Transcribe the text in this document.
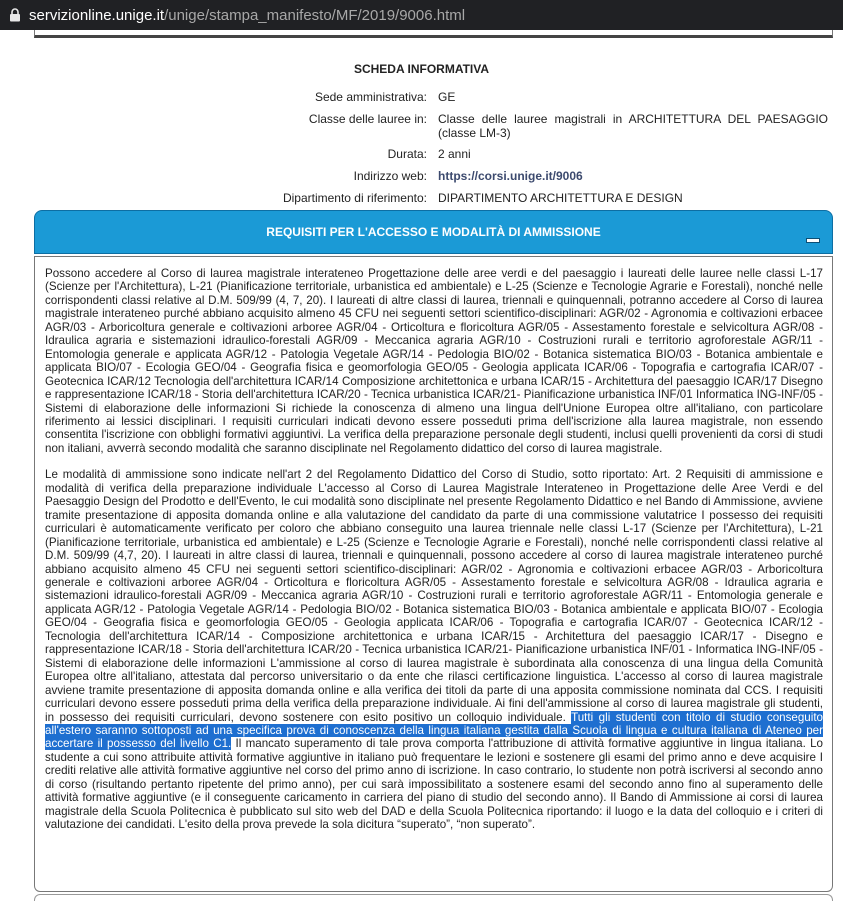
servizionline.unige.it /unige/stampa_manifesto/MF/2019/9006.html
SCHEDA INFORMATIVA
Sede amministrativa: GE
Classe delle lauree in: Classe delle lauree magistrali in ARCHITETTURA DEL PAESAGGIO (classe LM-3)
Durata: 2 anni
Indirizzo web: https://corsi.unige.it/9006
Dipartimento di riferimento: DIPARTIMENTO ARCHITETTURA E DESIGN
REQUISITI PER L'ACCESSO E MODALITÀ DI AMMISSIONE

Possono accedere al Corso di laurea magistrale interateneo Progettazione delle aree verdi e del paesaggio i laureati delle lauree nelle classi L-17 (Scienze per l'Architettura), L-21 (Pianificazione territoriale, urbanistica ed ambientale) e L-25 (Scienze e Tecnologie Agrarie e Forestali), nonché nelle corrispondenti classi relative al D.M. 509/99 (4, 7, 20). I laureati di altre classi di laurea, triennali e quinquennali, potranno accedere al Corso di laurea magistrale interateneo purché abbiano acquisito almeno 45 CFU nei seguenti settori scientifico-disciplinari: AGR/02 - Agronomia e coltivazioni erbacee AGR/03 - Arboricoltura generale e coltivazioni arboree AGR/04 - Orticoltura e floricoltura AGR/05 - Assestamento forestale e selvicoltura AGR/08 - Idraulica agraria e sistemazioni idraulico-forestali AGR/09 - Meccanica agraria AGR/10 - Costruzioni rurali e territorio agroforestale AGR/11 - Entomologia generale e applicata AGR/12 - Patologia Vegetale AGR/14 - Pedologia BIO/02 - Botanica sistematica BIO/03 - Botanica ambientale e applicata BIO/07 - Ecologia GEO/04 - Geografia fisica e geomorfologia GEO/05 - Geologia applicata ICAR/06 - Topografia e cartografia ICAR/07 - Geotecnica ICAR/12 Tecnologia dell'architettura ICAR/14 Composizione architettonica e urbana ICAR/15 - Architettura del paesaggio ICAR/17 Disegno e rappresentazione ICAR/18 - Storia dell'architettura ICAR/20 - Tecnica urbanistica ICAR/21- Pianificazione urbanistica INF/01 Informatica ING-INF/05 - Sistemi di elaborazione delle informazioni Si richiede la conoscenza di almeno una lingua dell'Unione Europea oltre all'italiano, con particolare riferimento ai lessici disciplinari. I requisiti curriculari indicati devono essere posseduti prima dell'iscrizione alla laurea magistrale, non essendo consentita l'iscrizione con obblighi formativi aggiuntivi. La verifica della preparazione personale degli studenti, inclusi quelli provenienti da corsi di studi non italiani, avverrà secondo modalità che saranno disciplinate nel Regolamento didattico del corso di laurea magistrale.

Le modalità di ammissione sono indicate nell'art 2 del Regolamento Didattico del Corso di Studio, sotto riportato: Art. 2 Requisiti di ammissione e modalità di verifica della preparazione individuale L'accesso al Corso di Laurea Magistrale Interateneo in Progettazione delle Aree Verdi e del Paesaggio Design del Prodotto e dell'Evento, le cui modalità sono disciplinate nel presente Regolamento Didattico e nel Bando di Ammissione, avviene tramite presentazione di apposita domanda online e alla valutazione del candidato da parte di una commissione valutatrice I possesso dei requisiti curriculari è automaticamente verificato per coloro che abbiano conseguito una laurea triennale nelle classi L-17 (Scienze per l'Architettura), L-21 (Pianificazione territoriale, urbanistica ed ambientale) e L-25 (Scienze e Tecnologie Agrarie e Forestali), nonché nelle corrispondenti classi relative al D.M. 509/99 (4,7, 20). I laureati in altre classi di laurea, triennali e quinquennali, possono accedere al corso di laurea magistrale interateneo purché abbiano acquisito almeno 45 CFU nei seguenti settori scientifico-disciplinari: AGR/02 - Agronomia e coltivazioni erbacee AGR/03 - Arboricoltura generale e coltivazioni arboree AGR/04 - Orticoltura e floricoltura AGR/05 - Assestamento forestale e selvicoltura AGR/08 - Idraulica agraria e sistemazioni idraulico-forestali AGR/09 - Meccanica agraria AGR/10 - Costruzioni rurali e territorio agroforestale AGR/11 - Entomologia generale e applicata AGR/12 - Patologia Vegetale AGR/14 - Pedologia BIO/02 - Botanica sistematica BIO/03 - Botanica ambientale e applicata BIO/07 - Ecologia GEO/04 - Geografia fisica e geomorfologia GEO/05 - Geologia applicata ICAR/06 - Topografia e cartografia ICAR/07 - Geotecnica ICAR/12 - Tecnologia dell'architettura ICAR/14 - Composizione architettonica e urbana ICAR/15 - Architettura del paesaggio ICAR/17 - Disegno e rappresentazione ICAR/18 - Storia dell'architettura ICAR/20 - Tecnica urbanistica ICAR/21- Pianificazione urbanistica INF/01 - Informatica ING-INF/05 - Sistemi di elaborazione delle informazioni L'ammissione al corso di laurea magistrale è subordinata alla conoscenza di una lingua della Comunità Europea oltre all'italiano, attestata dal percorso universitario o da ente che rilasci certificazione linguistica. L'accesso al corso di laurea magistrale avviene tramite presentazione di apposita domanda online e alla verifica dei titoli da parte di una apposita commissione nominata dal CCS. I requisiti curriculari devono essere posseduti prima della verifica della preparazione individuale. Ai fini dell'ammissione al corso di laurea magistrale gli studenti, in possesso dei requisiti curriculari, devono sostenere con esito positivo un colloquio individuale. Tutti gli studenti con titolo di studio conseguito all'estero saranno sottoposti ad una specifica prova di conoscenza della lingua italiana gestita dalla Scuola di lingua e cultura italiana di Ateneo per accertare il possesso del livello C1. Il mancato superamento di tale prova comporta l'attribuzione di attività formative aggiuntive in lingua italiana. Lo studente a cui sono attribuite attività formative aggiuntive in italiano può frequentare le lezioni e sostenere gli esami del primo anno e deve acquisire I crediti relative alle attività formative aggiuntive nel corso del primo anno di iscrizione. In caso contrario, lo studente non potrà iscriversi al secondo anno di corso (risultando pertanto ripetente del primo anno), per cui sarà impossibilitato a sostenere esami del secondo anno fino al superamento delle attività formative aggiuntive (e il conseguente caricamento in carriera del piano di studio del secondo anno). Il Bando di Ammissione ai corsi di laurea magistrale della Scuola Politecnica è pubblicato sul sito web del DAD e della Scuola Politecnica riportando: il luogo e la data del colloquio e i criteri di valutazione dei candidati. L'esito della prova prevede la sola dicitura “superato”, “non superato”.
